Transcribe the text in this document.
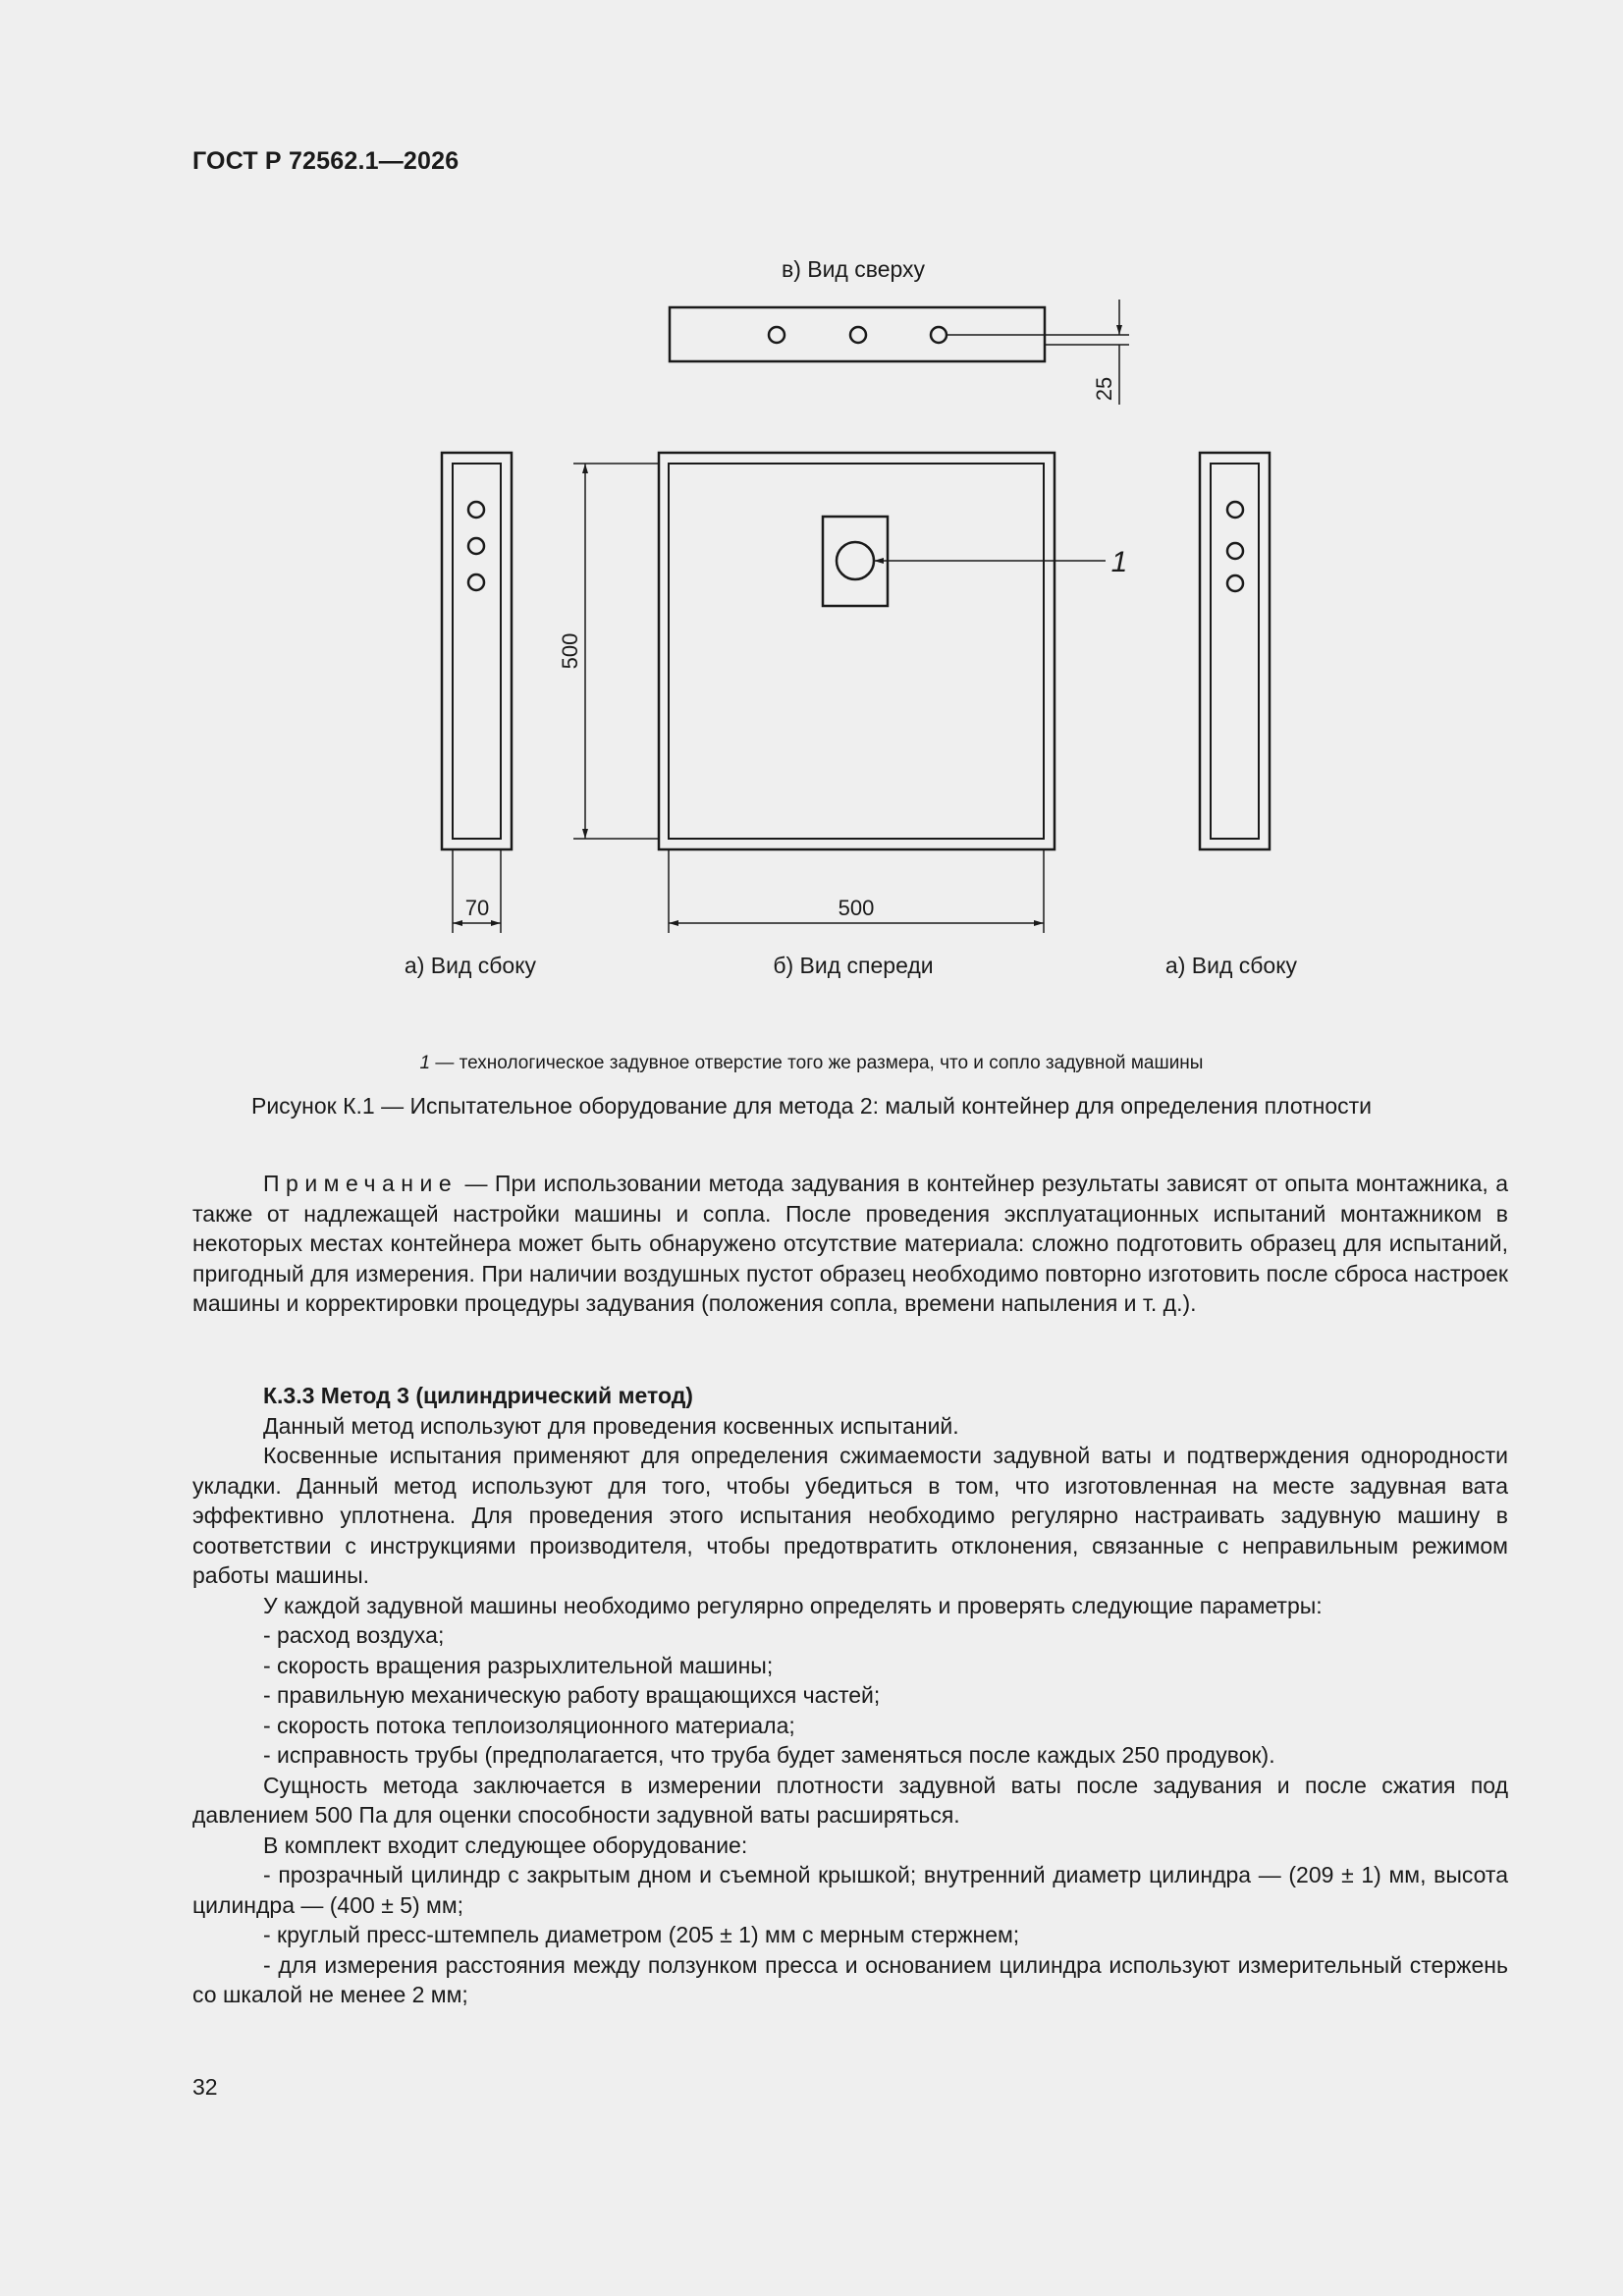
ГОСТ Р 72562.1—2026
в) Вид сверху
25
70
а) Вид сбоку
1
500
500
б) Вид спереди	а) Вид сбоку
1 — технологическое задувное отверстие того же размера, что и сопло задувной машины
Рисунок К.1 — Испытательное оборудование для метода 2: малый контейнер для определения плотности

Примечание — При использовании метода задувания в контейнер результаты зависят от опыта монтажника, а также от надлежащей настройки машины и сопла. После проведения эксплуатационных испытаний монтажником в некоторых местах контейнера может быть обнаружено отсутствие материала: сложно подготовить образец для испытаний, пригодный для измерения. При наличии воздушных пустот образец необходимо повторно изготовить после сброса настроек машины и корректировки процедуры задувания (положения сопла, времени напыления и т. д.).

К.3.3 Метод 3 (цилиндрический метод)

Данный метод используют для проведения косвенных испытаний.

Косвенные испытания применяют для определения сжимаемости задувной ваты и подтверждения однородности укладки. Данный метод используют для того, чтобы убедиться в том, что изготовленная на месте задувная вата эффективно уплотнена. Для проведения этого испытания необходимо регулярно настраивать задувную машину в соответствии с инструкциями производителя, чтобы предотвратить отклонения, связанные с неправильным режимом работы машины.

У каждой задувной машины необходимо регулярно определять и проверять следующие параметры:

- расход воздуха;

- скорость вращения разрыхлительной машины;

- правильную механическую работу вращающихся частей;

- скорость потока теплоизоляционного материала;

- исправность трубы (предполагается, что труба будет заменяться после каждых 250 продувок).

Сущность метода заключается в измерении плотности задувной ваты после задувания и после сжатия под давлением 500 Па для оценки способности задувной ваты расширяться.

В комплект входит следующее оборудование:

- прозрачный цилиндр с закрытым дном и съемной крышкой; внутренний диаметр цилиндра — (209 ± 1) мм, высота цилиндра — (400 ± 5) мм;

- круглый пресс-штемпель диаметром (205 ± 1) мм с мерным стержнем;

- для измерения расстояния между ползунком пресса и основанием цилиндра используют измерительный стержень со шкалой не менее 2 мм;

32
